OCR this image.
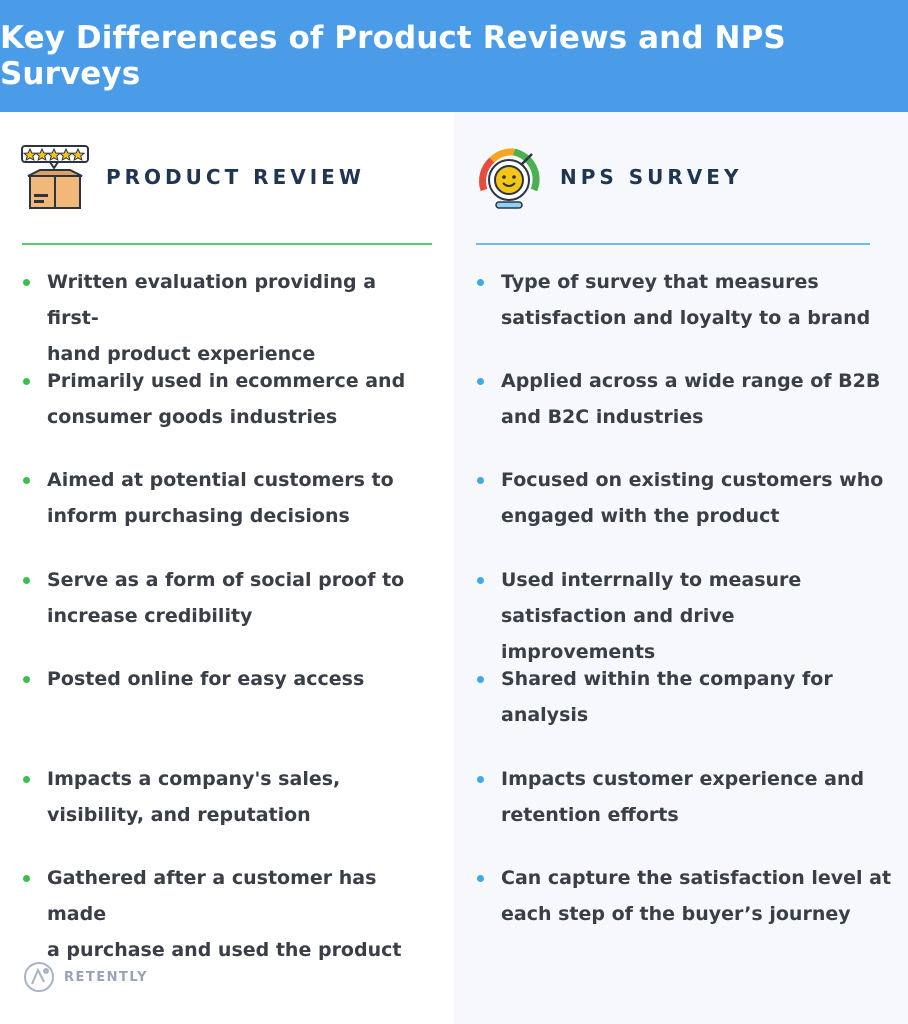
Key Differences of Product Reviews and NPS Surveys
PRODUCT REVIEW
Written evaluation providing a first-
hand product experience
Primarily used in ecommerce and
consumer goods industries
Aimed at potential customers to
inform purchasing decisions
Serve as a form of social proof to
increase credibility
Posted online for easy access
Impacts a company's sales,
visibility, and reputation
Gathered after a customer has made
a purchase and used the product
NPS SURVEY
Type of survey that measures
satisfaction and loyalty to a brand
Applied across a wide range of B2B
and B2C industries
Focused on existing customers who
engaged with the product
Used interrnally to measure
satisfaction and drive improvements
Shared within the company for
analysis
Impacts customer experience and
retention efforts
Can capture the satisfaction level at
each step of the buyer’s journey
RETENTLY
